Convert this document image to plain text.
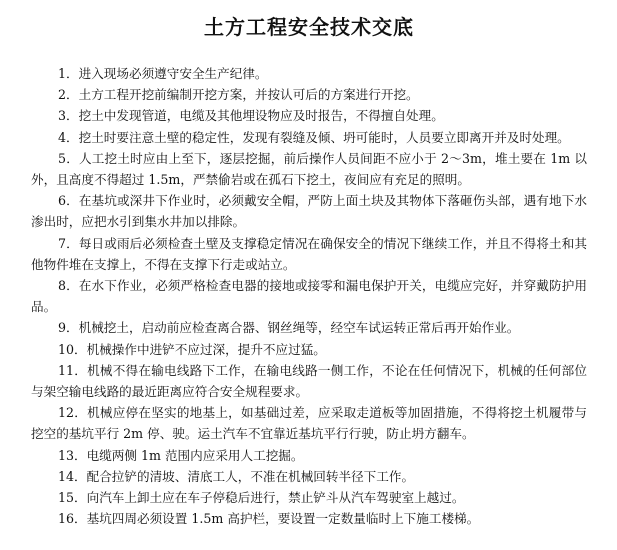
土方工程安全技术交底

1．进入现场必须遵守安全生产纪律。

2．土方工程开挖前编制开挖方案，并按认可后的方案进行开挖。

3．挖土中发现管道，电缆及其他埋设物应及时报告，不得擅自处理。

4．挖土时要注意土壁的稳定性，发现有裂缝及倾、坍可能时，人员要立即离开并及时处理。

5．人工挖土时应由上至下，逐层挖掘，前后操作人员间距不应小于 2～3m，堆土要在 1m 以外，且高度不得超过 1.5m，严禁偷岩或在孤石下挖土，夜间应有充足的照明。

6．在基坑或深井下作业时，必须戴安全帽，严防上面土块及其物体下落砸伤头部，遇有地下水渗出时，应把水引到集水井加以排除。

7．每日或雨后必须检查土壁及支撑稳定情况在确保安全的情况下继续工作，并且不得将土和其他物件堆在支撑上，不得在支撑下行走或站立。

8．在水下作业，必须严格检查电器的接地或接零和漏电保护开关，电缆应完好，并穿戴防护用品。

9．机械挖土，启动前应检查离合器、钢丝绳等，经空车试运转正常后再开始作业。

10．机械操作中进铲不应过深，提升不应过猛。

11．机械不得在输电线路下工作，在输电线路一侧工作，不论在任何情况下，机械的任何部位与架空输电线路的最近距离应符合安全规程要求。

12．机械应停在坚实的地基上，如基础过差，应采取走道板等加固措施，不得将挖土机履带与挖空的基坑平行 2m 停、驶。运土汽车不宜靠近基坑平行行驶，防止坍方翻车。

13．电缆两侧 1m 范围内应采用人工挖掘。

14．配合拉铲的清坡、清底工人，不准在机械回转半径下工作。

15．向汽车上卸土应在车子停稳后进行，禁止铲斗从汽车驾驶室上越过。

16．基坑四周必须设置 1.5m 高护栏，要设置一定数量临时上下施工楼梯。
